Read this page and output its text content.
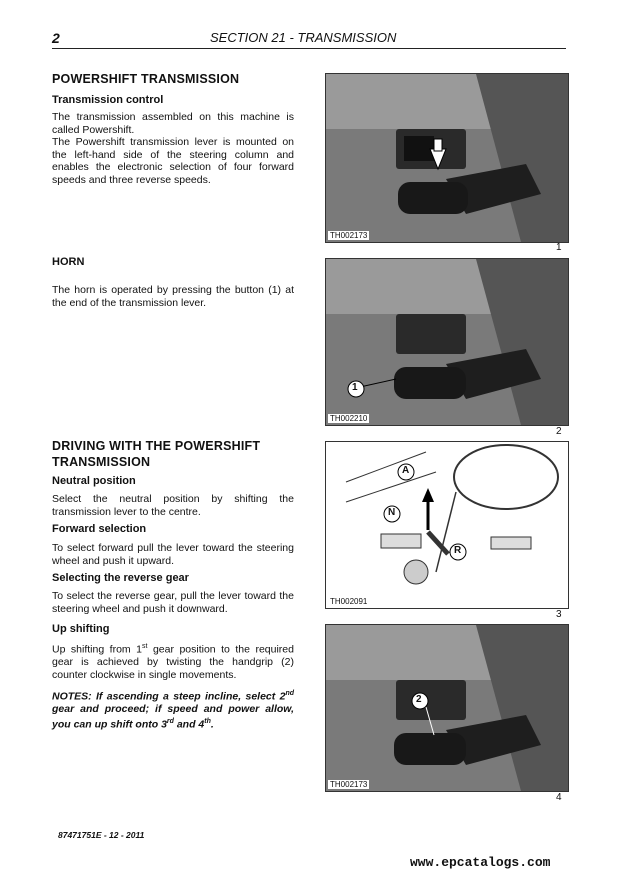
2	SECTION 21 - TRANSMISSION
POWERSHIFT TRANSMISSION
Transmission control
The transmission assembled on this machine is called Powershift.
The Powershift transmission lever is mounted on the left-hand side of the steering column and enables the electronic selection of four forward speeds and three reverse speeds.
HORN
The horn is operated by pressing the button (1) at the end of the transmission lever.
DRIVING WITH THE POWERSHIFT
TRANSMISSION
Neutral position
Select the neutral position by shifting the transmission lever to the centre.
Forward selection
To select forward pull the lever toward the steering wheel and push it upward.
Selecting the reverse gear
To select the reverse gear, pull the lever toward the steering wheel and push it downward.
Up shifting
Up shifting from 1st gear position to the required gear is achieved by twisting the handgrip (2) counter clockwise in single movements.
NOTES: If ascending a steep incline, select 2nd gear and proceed; if speed and power allow, you can up shift onto 3rd and 4th.
TH002173
1
1
TH002210
2
A
N
R
TH002091
3
2
TH002173
4
87471751E - 12 - 2011
www.epcatalogs.com
